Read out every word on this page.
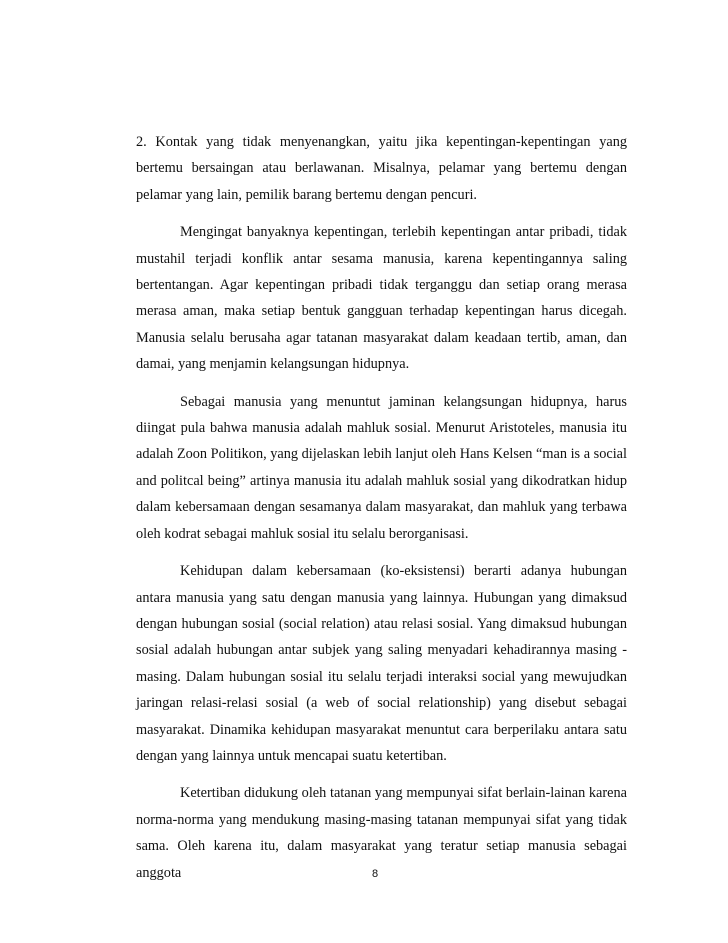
2. Kontak yang tidak menyenangkan, yaitu jika kepentingan-kepentingan yang bertemu bersaingan atau berlawanan. Misalnya, pelamar yang bertemu dengan pelamar yang lain, pemilik barang bertemu dengan pencuri.

Mengingat banyaknya kepentingan, terlebih kepentingan antar pribadi, tidak mustahil terjadi konflik antar sesama manusia, karena kepentingannya saling bertentangan. Agar kepentingan pribadi tidak terganggu dan setiap orang merasa merasa aman, maka setiap bentuk gangguan terhadap kepentingan harus dicegah. Manusia selalu berusaha agar tatanan masyarakat dalam keadaan tertib, aman, dan damai, yang menjamin kelangsungan hidupnya.

Sebagai manusia yang menuntut jaminan kelangsungan hidupnya, harus diingat pula bahwa manusia adalah mahluk sosial. Menurut Aristoteles, manusia itu adalah Zoon Politikon, yang dijelaskan lebih lanjut oleh Hans Kelsen “man is a social and politcal being” artinya manusia itu adalah mahluk sosial yang dikodratkan hidup dalam kebersamaan dengan sesamanya dalam masyarakat, dan mahluk yang terbawa oleh kodrat sebagai mahluk sosial itu selalu berorganisasi.

Kehidupan dalam kebersamaan (ko-eksistensi) berarti adanya hubungan antara manusia yang satu dengan manusia yang lainnya. Hubungan yang dimaksud dengan hubungan sosial (social relation) atau relasi sosial. Yang dimaksud hubungan sosial adalah hubungan antar subjek yang saling menyadari kehadirannya masing - masing. Dalam hubungan sosial itu selalu terjadi interaksi social yang mewujudkan jaringan relasi-relasi sosial (a web of social relationship) yang disebut sebagai masyarakat. Dinamika kehidupan masyarakat menuntut cara berperilaku antara satu dengan yang lainnya untuk mencapai suatu ketertiban.

Ketertiban didukung oleh tatanan yang mempunyai sifat berlain-lainan karena norma-norma yang mendukung masing-masing tatanan mempunyai sifat yang tidak sama. Oleh karena itu, dalam masyarakat yang teratur setiap manusia sebagai anggota	8
